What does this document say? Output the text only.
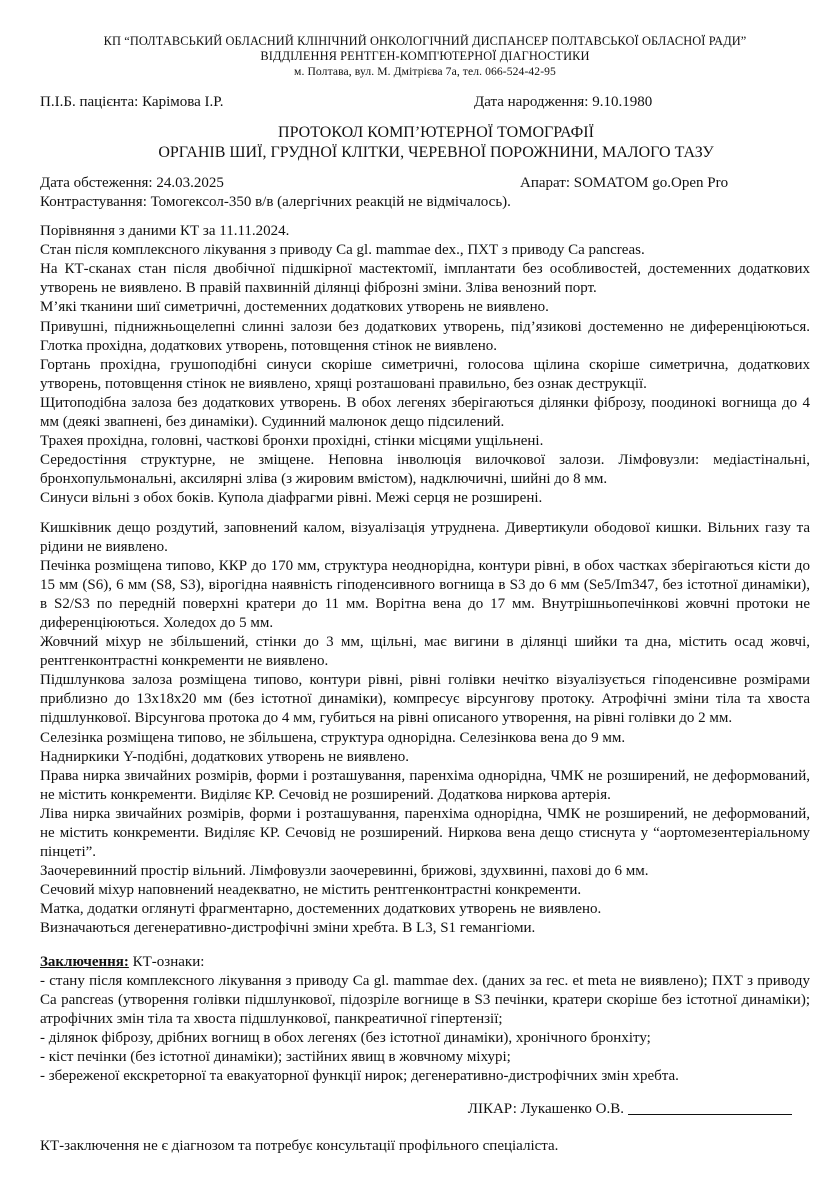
КП “ПОЛТАВСЬКИЙ ОБЛАСНИЙ КЛІНІЧНИЙ ОНКОЛОГІЧНИЙ ДИСПАНСЕР ПОЛТАВСЬКОЇ ОБЛАСНОЇ РАДИ”
ВІДДІЛЕННЯ РЕНТГЕН-КОМП'ЮТЕРНОЇ ДІАГНОСТИКИ
м. Полтава, вул. М. Дмітрієва 7а, тел. 066-524-42-95
П.І.Б. пацієнта: Карімова І.Р.	Дата народження: 9.10.1980
ПРОТОКОЛ КОМП’ЮТЕРНОЇ ТОМОГРАФІЇ
ОРГАНІВ ШИЇ, ГРУДНОЇ КЛІТКИ, ЧЕРЕВНОЇ ПОРОЖНИНИ, МАЛОГО ТАЗУ
Дата обстеження: 24.03.2025	Апарат: SOMATOM go.Open Pro

Контрастування: Томогексол-350 в/в (алергічних реакцій не відмічалось).

Порівняння з даними КТ за 11.11.2024.

Стан після комплексного лікування з приводу Ca gl. mammae dex., ПХТ з приводу Ca pancreas.

На КТ-сканах стан після двобічної підшкірної мастектомії, імплантати без особливостей, достеменних додаткових утворень не виявлено. В правій пахвинній ділянці фіброзні зміни. Зліва венозний порт.

М’які тканини шиї симетричні, достеменних додаткових утворень не виявлено.

Привушні, піднижньощелепні слинні залози без додаткових утворень, під’язикові достеменно не диференціюються. Глотка прохідна, додаткових утворень, потовщення стінок не виявлено.

Гортань прохідна, грушоподібні синуси скоріше симетричні, голосова щілина скоріше симетрична, додаткових утворень, потовщення стінок не виявлено, хрящі розташовані правильно, без ознак деструкції.

Щитоподібна залоза без додаткових утворень. В обох легенях зберігаються ділянки фіброзу, поодинокі вогнища до 4 мм (деякі звапнені, без динаміки). Судинний малюнок дещо підсилений.

Трахея прохідна, головні, часткові бронхи прохідні, стінки місцями ущільнені.

Середостіння структурне, не зміщене. Неповна інволюція вилочкової залози. Лімфовузли: медіастінальні, бронхопульмональні, аксилярні зліва (з жировим вмістом), надключичні, шийні до 8 мм.

Синуси вільні з обох боків. Купола діафрагми рівні. Межі серця не розширені.

Кишківник дещо роздутий, заповнений калом, візуалізація утруднена. Дивертикули ободової кишки. Вільних газу та рідини не виявлено.

Печінка розміщена типово, ККР до 170 мм, структура неоднорідна, контури рівні, в обох частках зберігаються кісти до 15 мм (S6), 6 мм (S8, S3), вірогідна наявність гіподенсивного вогнища в S3 до 6 мм (Se5/Im347, без істотної динаміки), в S2/S3 по передній поверхні кратери до 11 мм. Ворітна вена до 17 мм. Внутрішньопечінкові жовчні протоки не диференціюються. Холедох до 5 мм.

Жовчний міхур не збільшений, стінки до 3 мм, щільні, має вигини в ділянці шийки та дна, містить осад жовчі, рентгенконтрастні конкременти не виявлено.

Підшлункова залоза розміщена типово, контури рівні, рівні голівки нечітко візуалізується гіподенсивне розмірами приблизно до 13х18х20 мм (без істотної динаміки), компресує вірсунгову протоку. Атрофічні зміни тіла та хвоста підшлункової. Вірсунгова протока до 4 мм, губиться на рівні описаного утворення, на рівні голівки до 2 мм.

Селезінка розміщена типово, не збільшена, структура однорідна. Селезінкова вена до 9 мм.

Надниркики Y-подібні, додаткових утворень не виявлено.

Права нирка звичайних розмірів, форми і розташування, паренхіма однорідна, ЧМК не розширений, не деформований, не містить конкременти. Виділяє КР. Сечовід не розширений. Додаткова ниркова артерія.

Ліва нирка звичайних розмірів, форми і розташування, паренхіма однорідна, ЧМК не розширений, не деформований, не містить конкременти. Виділяє КР. Сечовід не розширений. Ниркова вена дещо стиснута у “аортомезентеріальному пінцеті”.

Заочеревинний простір вільний. Лімфовузли заочеревинні, брижові, здухвинні, пахові до 6 мм.

Сечовий міхур наповнений неадекватно, не містить рентгенконтрастні конкременти.

Матка, додатки оглянуті фрагментарно, достеменних додаткових утворень не виявлено.

Визначаються дегенеративно-дистрофічні зміни хребта. В L3, S1 гемангіоми.

Заключення: КТ-ознаки:

- стану після комплексного лікування з приводу Ca gl. mammae dex. (даних за rec. et meta не виявлено); ПХТ з приводу Ca pancreas (утворення голівки підшлункової, підозріле вогнище в S3 печінки, кратери скоріше без істотної динаміки); атрофічних змін тіла та хвоста підшлункової, панкреатичної гіпертензії;

- ділянок фіброзу, дрібних вогнищ в обох легенях (без істотної динаміки), хронічного бронхіту;

- кіст печінки (без істотної динаміки); застійних явищ в жовчному міхурі;

- збереженої екскреторної та евакуаторної функції нирок; дегенеративно-дистрофічних змін хребта.

ЛІКАР: Лукашенко О.В.

КТ-заключення не є діагнозом та потребує консультації профільного спеціаліста.
